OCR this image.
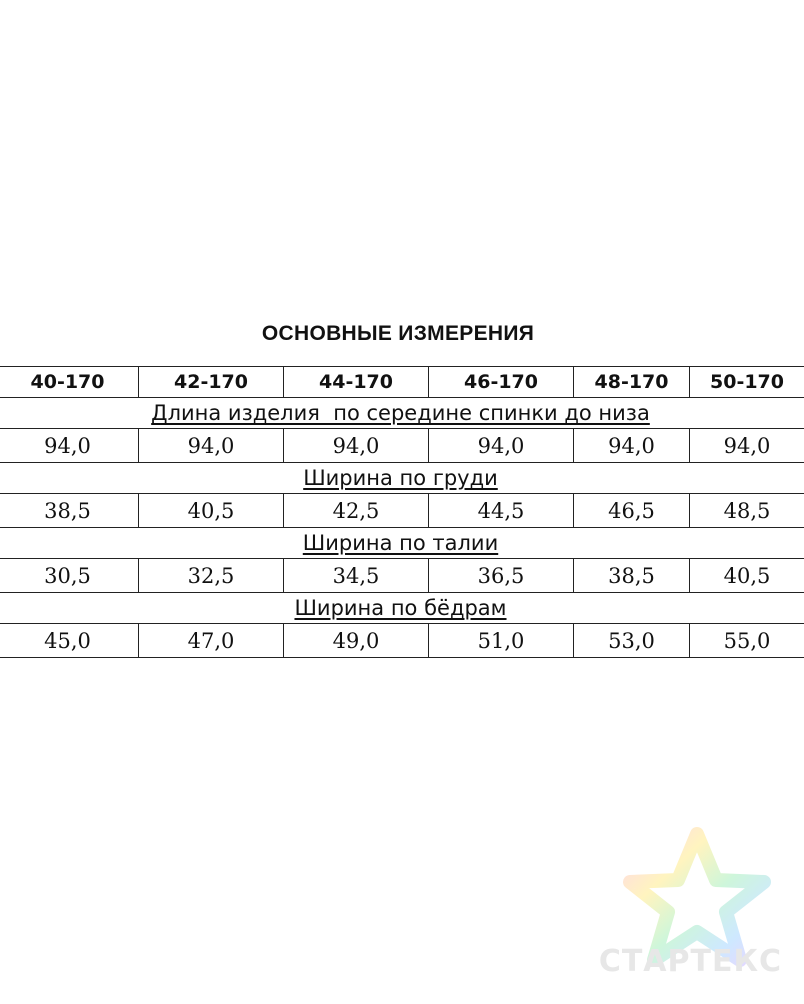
ОСНОВНЫЕ ИЗМЕРЕНИЯ
40-170	42-170	44-170	46-170	48-170	50-170
Длина изделия  по середине спинки до низа					
94,0	94,0	94,0	94,0	94,0	94,0
Ширина по груди					
38,5	40,5	42,5	44,5	46,5	48,5
Ширина по талии					
30,5	32,5	34,5	36,5	38,5	40,5
Ширина по бёдрам					
45,0	47,0	49,0	51,0	53,0	55,0
СТАРТЕКС
